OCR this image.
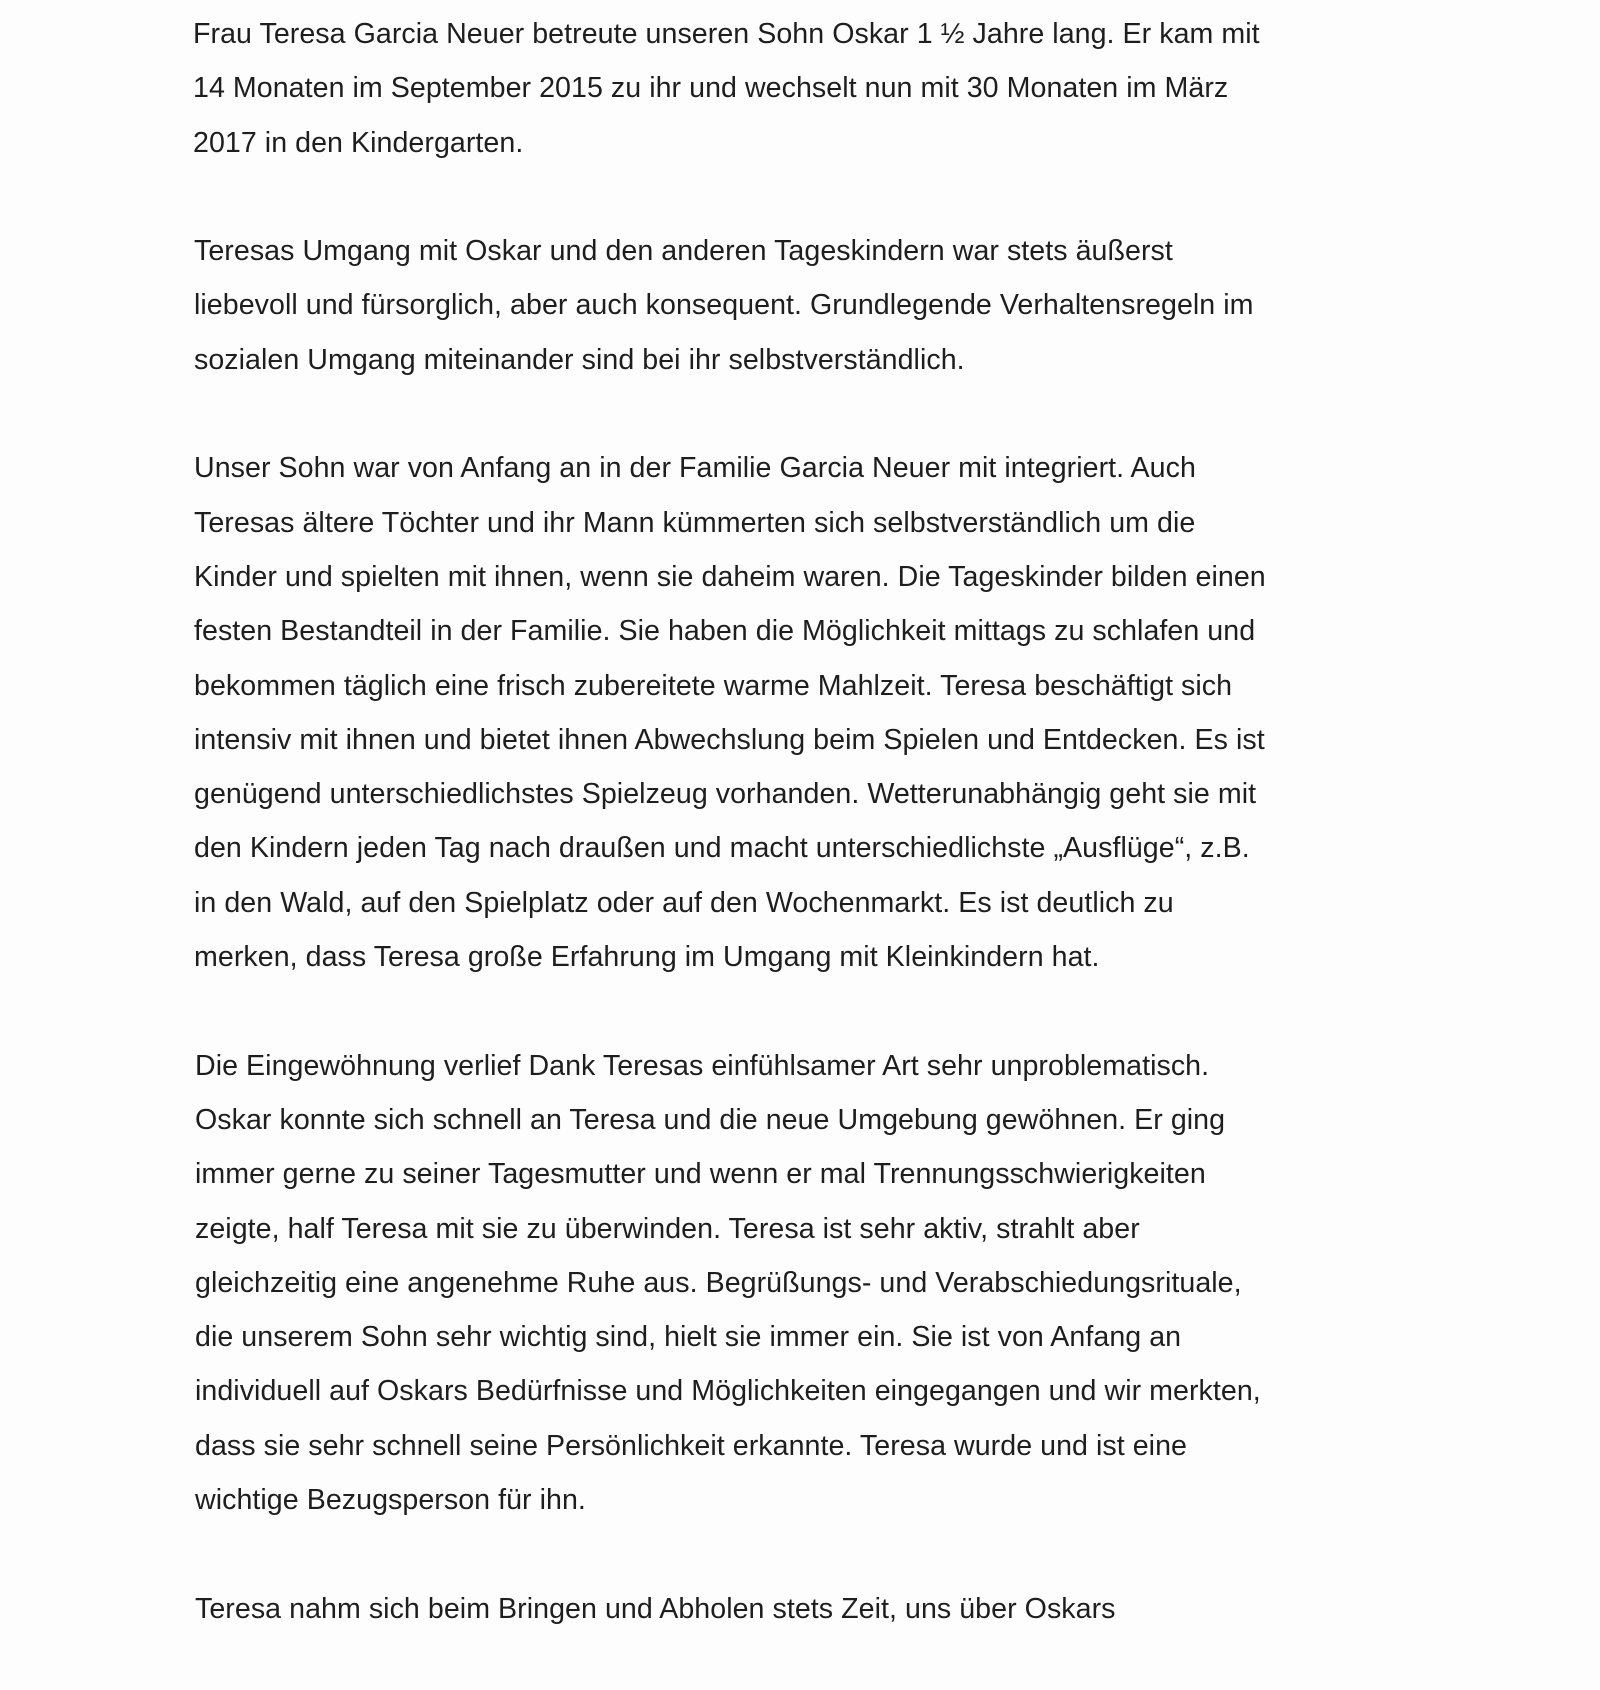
Frau Teresa Garcia Neuer betreute unseren Sohn Oskar 1 ½ Jahre lang. Er kam mit
14 Monaten im September 2015 zu ihr und wechselt nun mit 30 Monaten im März
2017 in den Kindergarten.
Teresas Umgang mit Oskar und den anderen Tageskindern war stets äußerst
liebevoll und fürsorglich, aber auch konsequent. Grundlegende Verhaltensregeln im
sozialen Umgang miteinander sind bei ihr selbstverständlich.
Unser Sohn war von Anfang an in der Familie Garcia Neuer mit integriert. Auch
Teresas ältere Töchter und ihr Mann kümmerten sich selbstverständlich um die
Kinder und spielten mit ihnen, wenn sie daheim waren. Die Tageskinder bilden einen
festen Bestandteil in der Familie. Sie haben die Möglichkeit mittags zu schlafen und
bekommen täglich eine frisch zubereitete warme Mahlzeit. Teresa beschäftigt sich
intensiv mit ihnen und bietet ihnen Abwechslung beim Spielen und Entdecken. Es ist
genügend unterschiedlichstes Spielzeug vorhanden. Wetterunabhängig geht sie mit
den Kindern jeden Tag nach draußen und macht unterschiedlichste „Ausflüge“, z.B.
in den Wald, auf den Spielplatz oder auf den Wochenmarkt. Es ist deutlich zu
merken, dass Teresa große Erfahrung im Umgang mit Kleinkindern hat.
Die Eingewöhnung verlief Dank Teresas einfühlsamer Art sehr unproblematisch.
Oskar konnte sich schnell an Teresa und die neue Umgebung gewöhnen. Er ging
immer gerne zu seiner Tagesmutter und wenn er mal Trennungsschwierigkeiten
zeigte, half Teresa mit sie zu überwinden. Teresa ist sehr aktiv, strahlt aber
gleichzeitig eine angenehme Ruhe aus. Begrüßungs- und Verabschiedungsrituale,
die unserem Sohn sehr wichtig sind, hielt sie immer ein. Sie ist von Anfang an
individuell auf Oskars Bedürfnisse und Möglichkeiten eingegangen und wir merkten,
dass sie sehr schnell seine Persönlichkeit erkannte. Teresa wurde und ist eine
wichtige Bezugsperson für ihn.
Teresa nahm sich beim Bringen und Abholen stets Zeit, uns über Oskars
